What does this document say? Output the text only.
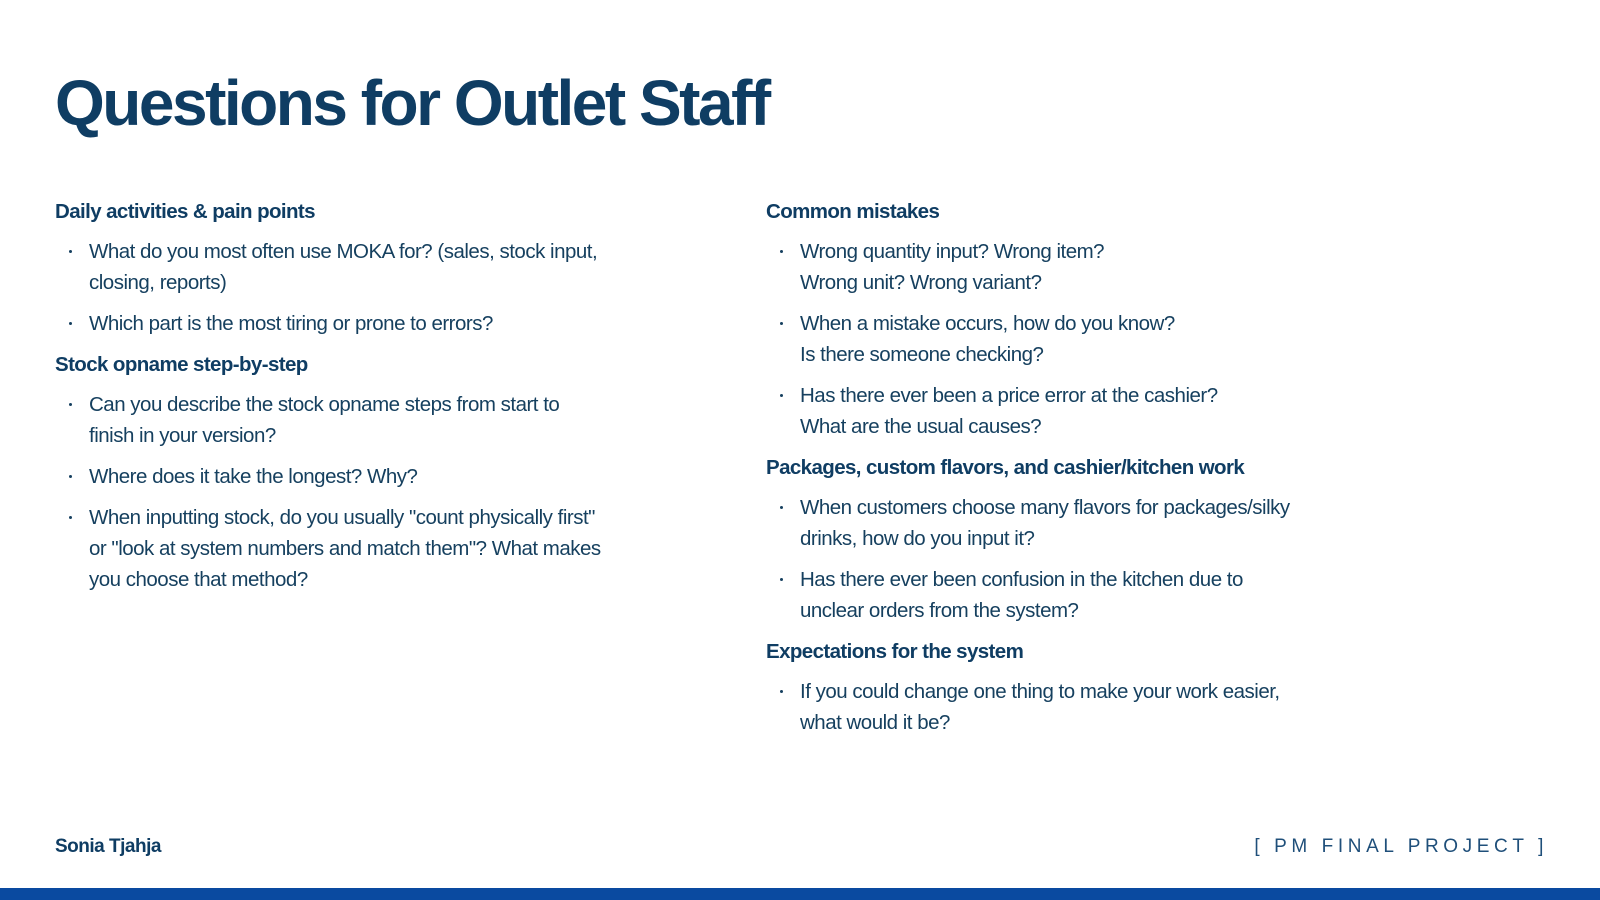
Questions for Outlet Staff
Daily activities & pain points
What do you most often use MOKA for? (sales, stock input,
closing, reports)
Which part is the most tiring or prone to errors?
Stock opname step-by-step
Can you describe the stock opname steps from start to
finish in your version?
Where does it take the longest? Why?
When inputting stock, do you usually "count physically first"
or "look at system numbers and match them"? What makes
you choose that method?
Common mistakes
Wrong quantity input? Wrong item?
Wrong unit? Wrong variant?
When a mistake occurs, how do you know?
Is there someone checking?
Has there ever been a price error at the cashier?
What are the usual causes?
Packages, custom flavors, and cashier/kitchen work
When customers choose many flavors for packages/silky
drinks, how do you input it?
Has there ever been confusion in the kitchen due to
unclear orders from the system?
Expectations for the system
If you could change one thing to make your work easier,
what would it be?
Sonia Tjahja	[ PM FINAL PROJECT ]
